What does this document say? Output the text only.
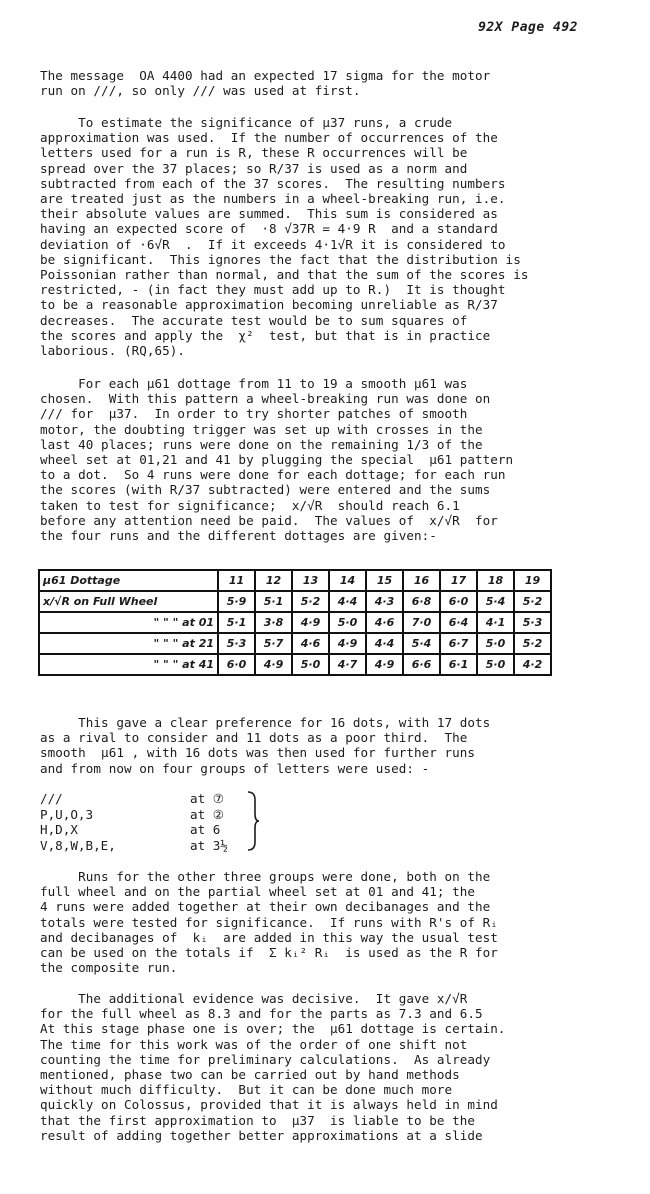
92X Page 492
The message  OA 4400 had an expected 17 sigma for the motor
run on ///, so only /// was used at first.
To estimate the significance of μ37 runs, a crude
approximation was used.  If the number of occurrences of the
letters used for a run is R, these R occurrences will be
spread over the 37 places; so R/37 is used as a norm and
subtracted from each of the 37 scores.  The resulting numbers
are treated just as the numbers in a wheel-breaking run, i.e.
their absolute values are summed.  This sum is considered as
having an expected score of  ·8 √37R = 4·9 R  and a standard
deviation of ·6√R  .  If it exceeds 4·1√R it is considered to
be significant.  This ignores the fact that the distribution is
Poissonian rather than normal, and that the sum of the scores is
restricted, - (in fact they must add up to R.)  It is thought
to be a reasonable approximation becoming unreliable as R/37
decreases.  The accurate test would be to sum squares of
the scores and apply the  χ²  test, but that is in practice
laborious. (RQ,65).
For each μ61 dottage from 11 to 19 a smooth μ61 was
chosen.  With this pattern a wheel-breaking run was done on
/// for  μ37.  In order to try shorter patches of smooth
motor, the doubting trigger was set up with crosses in the
last 40 places; runs were done on the remaining 1/3 of the
wheel set at 01,21 and 41 by plugging the special  μ61 pattern
to a dot.  So 4 runs were done for each dottage; for each run
the scores (with R/37 subtracted) were entered and the sums
taken to test for significance;  x/√R  should reach 6.1
before any attention need be paid.  The values of  x/√R  for
the four runs and the different dottages are given:-
μ61 Dottage	11	12	13	14	15	16	17	18	19
x/√R on Full Wheel	5·9	5·1	5·2	4·4	4·3	6·8	6·0	5·4	5·2
" " " at 01	5·1	3·8	4·9	5·0	4·6	7·0	6·4	4·1	5·3
" " " at 21	5·3	5·7	4·6	4·9	4·4	5·4	6·7	5·0	5·2
" " " at 41	6·0	4·9	5·0	4·7	4·9	6·6	6·1	5·0	4·2
This gave a clear preference for 16 dots, with 17 dots
as a rival to consider and 11 dots as a poor third.  The
smooth  μ61 , with 16 dots was then used for further runs
and from now on four groups of letters were used: -
///	at ⑦
P,U,O,3	at ②
H,D,X	at 6
V,8,W,B,E,	at 3½
Runs for the other three groups were done, both on the
full wheel and on the partial wheel set at 01 and 41; the
4 runs were added together at their own decibanages and the
totals were tested for significance.  If runs with R's of Rᵢ
and decibanages of  kᵢ  are added in this way the usual test
can be used on the totals if  Σ kᵢ² Rᵢ  is used as the R for
the composite run.
The additional evidence was decisive.  It gave x/√R
for the full wheel as 8.3 and for the parts as 7.3 and 6.5
At this stage phase one is over; the  μ61 dottage is certain.
The time for this work was of the order of one shift not
counting the time for preliminary calculations.  As already
mentioned, phase two can be carried out by hand methods
without much difficulty.  But it can be done much more
quickly on Colossus, provided that it is always held in mind
that the first approximation to  μ37  is liable to be the
result of adding together better approximations at a slide
